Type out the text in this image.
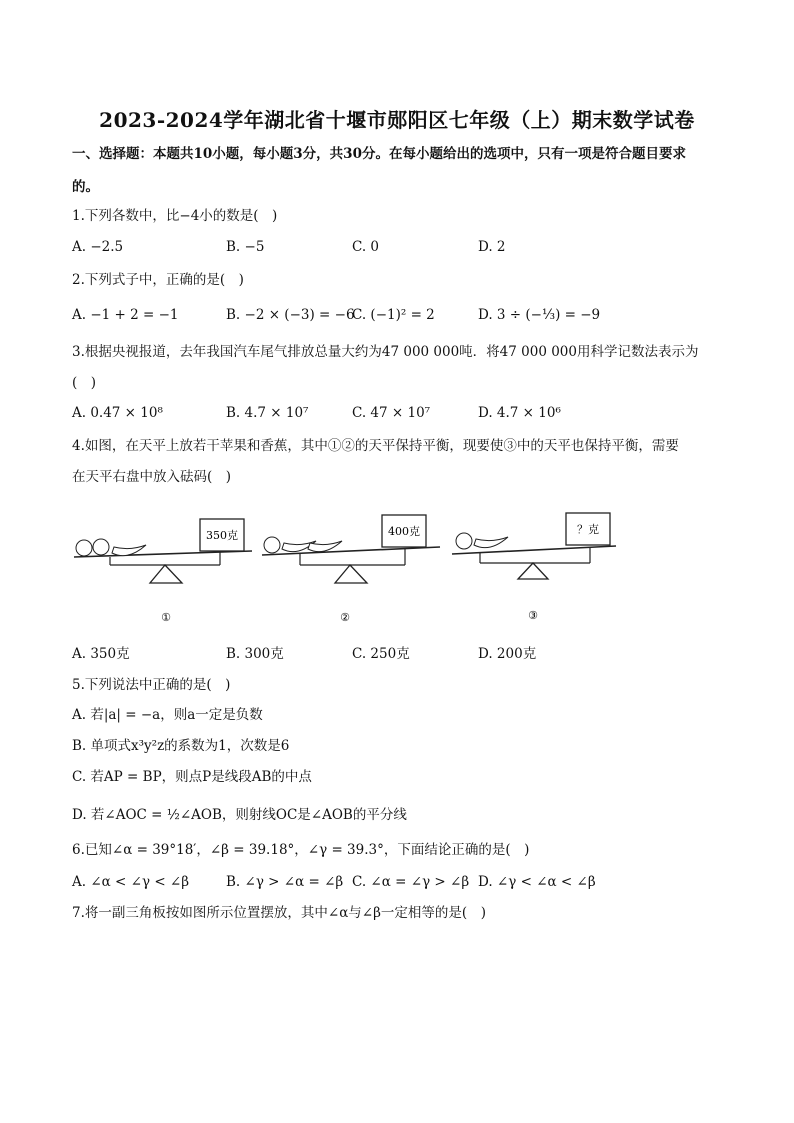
2023-2024学年湖北省十堰市郧阳区七年级（上）期末数学试卷
一、选择题：本题共10小题，每小题3分，共30分。在每小题给出的选项中，只有一项是符合题目要求
的。
1.下列各数中，比−4小的数是(　)
A. −2.5	B. −5	C. 0	D. 2
2.下列式子中，正确的是(　)
A. −1 + 2 = −1	B. −2 × (−3) = −6
C. (−1)² = 2	D. 3 ÷ (−⅓) = −9
3.根据央视报道，去年我国汽车尾气排放总量大约为47 000 000吨．将47 000 000用科学记数法表示为
(　)
A. 0.47 × 10⁸	B. 4.7 × 10⁷	C. 47 × 10⁷	D. 4.7 × 10⁶
4.如图，在天平上放若干苹果和香蕉，其中①②的天平保持平衡，现要使③中的天平也保持平衡，需要
在天平右盘中放入砝码(　)
350克
①
400克
②
？克
③
A. 350克	B. 300克	C. 250克	D. 200克
5.下列说法中正确的是(　)
A. 若|a| = −a，则a一定是负数
B. 单项式x³y²z的系数为1，次数是6
C. 若AP = BP，则点P是线段AB的中点
D. 若∠AOC = ½∠AOB，则射线OC是∠AOB的平分线
6.已知∠α = 39°18′，∠β = 39.18°，∠γ = 39.3°，下面结论正确的是(　)
A. ∠α < ∠γ < ∠β	B. ∠γ > ∠α = ∠β C. ∠α = ∠γ > ∠β D. ∠γ < ∠α < ∠β
7.将一副三角板按如图所示位置摆放，其中∠α与∠β一定相等的是(　)
